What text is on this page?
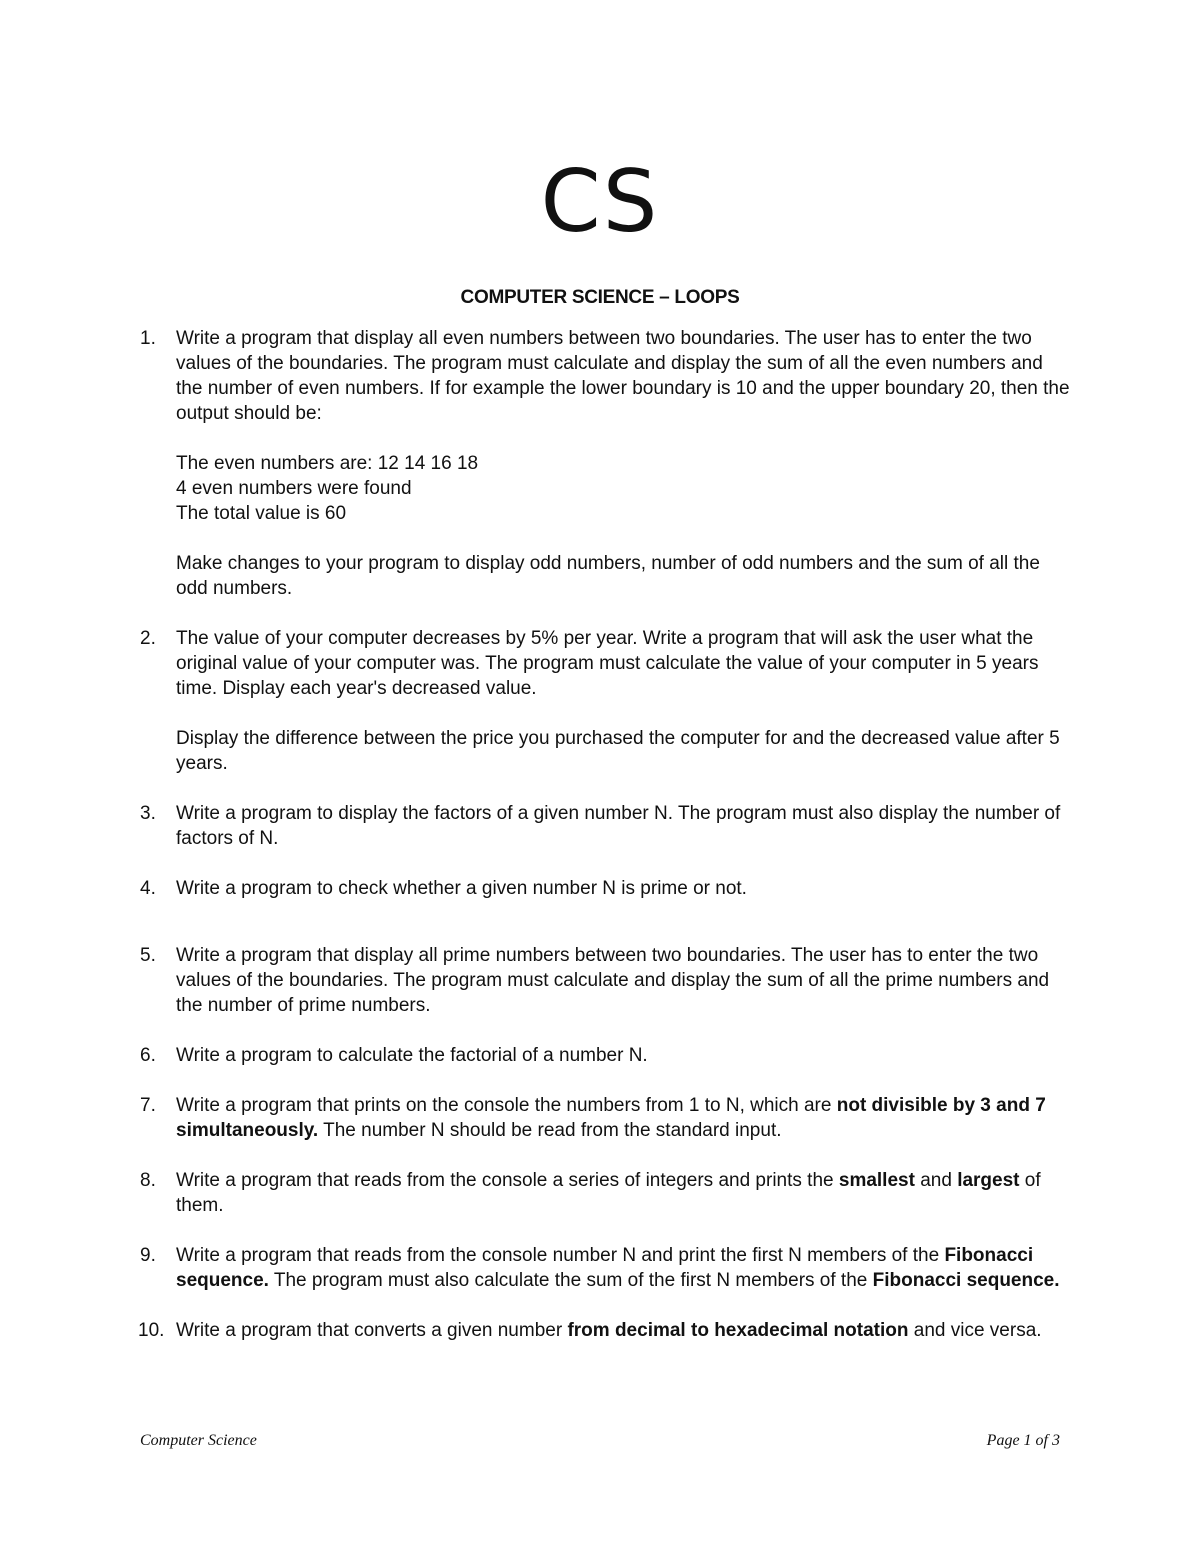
CS
COMPUTER SCIENCE – LOOPS
1.	Write a program that display all even numbers between two boundaries. The user has to enter the two values of the boundaries. The program must calculate and display the sum of all the even numbers and the number of even numbers. If for example the lower boundary is 10 and the upper boundary 20, then the output should be:

The even numbers are: 12 14 16 18

4 even numbers were found

The total value is 60

Make changes to your program to display odd numbers, number of odd numbers and the sum of all the odd numbers.

2.	The value of your computer decreases by 5% per year. Write a program that will ask the user what the original value of your computer was. The program must calculate the value of your computer in 5 years time. Display each year's decreased value.

Display the difference between the price you purchased the computer for and the decreased value after 5 years.

3.	Write a program to display the factors of a given number N. The program must also display the number of factors of N.

4.	Write a program to check whether a given number N is prime or not.

5.	Write a program that display all prime numbers between two boundaries. The user has to enter the two values of the boundaries. The program must calculate and display the sum of all the prime numbers and the number of prime numbers.

6.	Write a program to calculate the factorial of a number N.

7.	Write a program that prints on the console the numbers from 1 to N, which are not divisible by 3 and 7 simultaneously. The number N should be read from the standard input.

8.	Write a program that reads from the console a series of integers and prints the smallest and largest of them.

9.	Write a program that reads from the console number N and print the first N members of the Fibonacci sequence. The program must also calculate the sum of the first N members of the Fibonacci sequence.

10. Write a program that converts a given number from decimal to hexadecimal notation and vice versa.

Computer Science	Page 1 of 3
